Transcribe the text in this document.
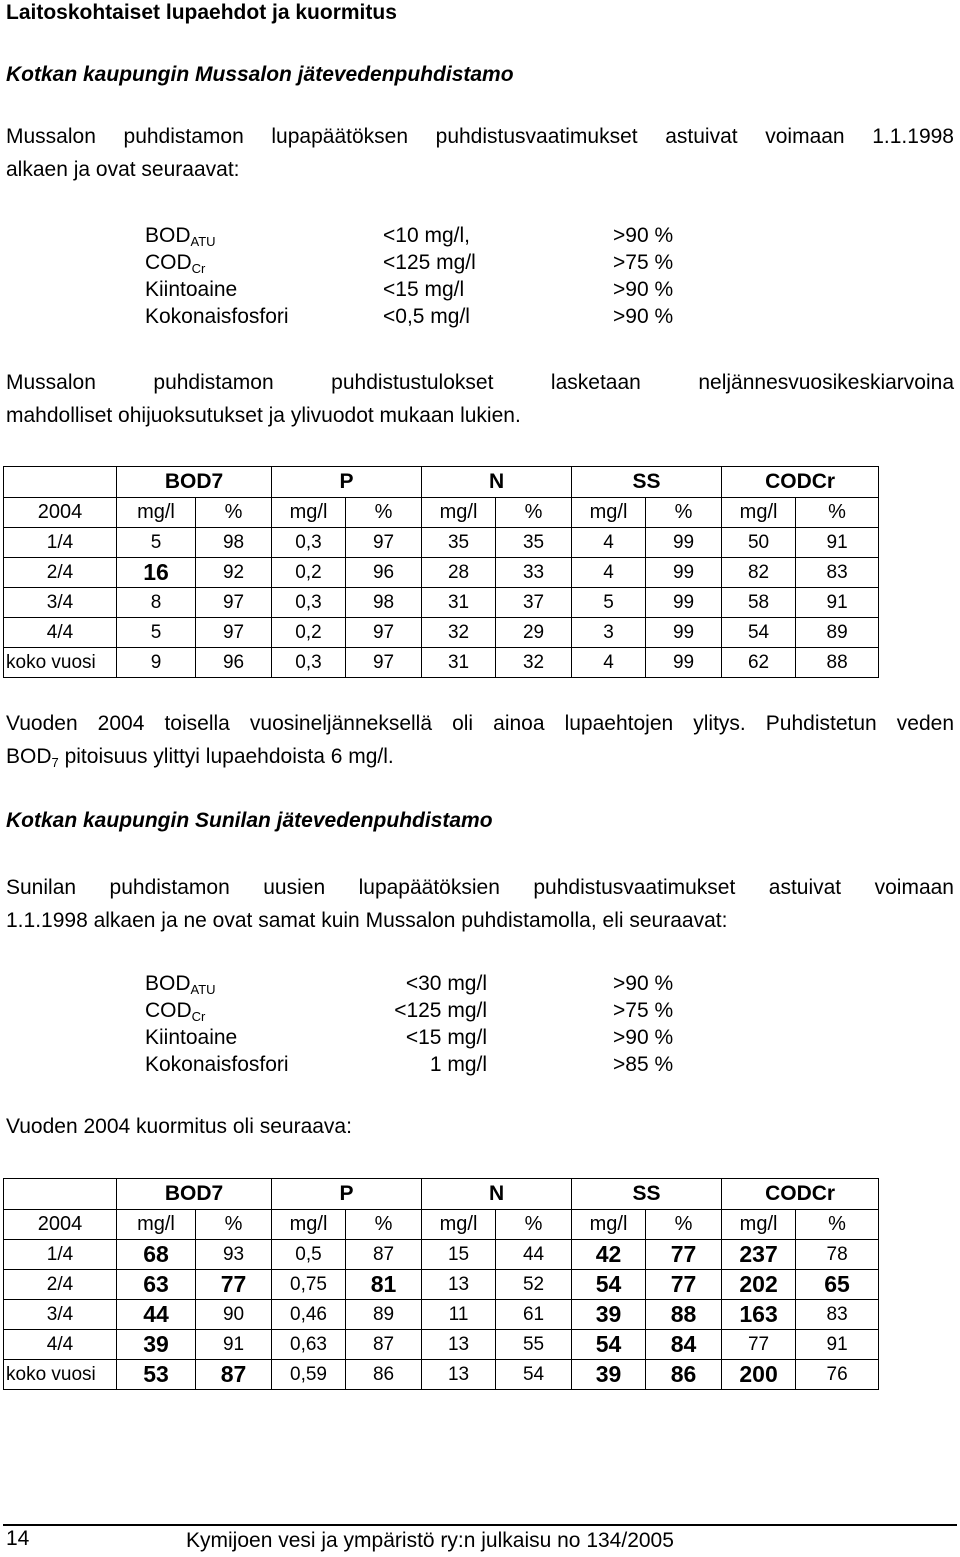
Laitoskohtaiset lupaehdot ja kuormitus
Kotkan kaupungin Mussalon jätevedenpuhdistamo
Mussalon puhdistamon lupapäätöksen puhdistusvaatimukset astuivat voimaan 1.1.1998
alkaen ja ovat seuraavat:
$BOD_{ATU}$	<10 mg/l,	>90 %
$COD_{Cr}$	<125 mg/l	>75 %
Kiintoaine	<15 mg/l	>90 %
Kokonaisfosfori	<0,5 mg/l	>90 %
Mussalon puhdistamon puhdistustulokset lasketaan neljännesvuosikeskiarvoina
mahdolliset ohijuoksutukset ja ylivuodot mukaan lukien.
	BOD7		P		N		SS		CODCr	
2004	mg/l	%	mg/l	%	mg/l	%	mg/l	%	mg/l	%
1/4	5	98	0,3	97	35	35	4	99	50	91
2/4	16	92	0,2	96	28	33	4	99	82	83
3/4	8	97	0,3	98	31	37	5	99	58	91
4/4	5	97	0,2	97	32	29	3	99	54	89
koko vuosi	9	96	0,3	97	31	32	4	99	62	88
Vuoden 2004 toisella vuosineljänneksellä oli ainoa lupaehtojen ylitys. Puhdistetun veden
$BOD_7$ pitoisuus ylittyi lupaehdoista 6 mg/l.
Kotkan kaupungin Sunilan jätevedenpuhdistamo
Sunilan puhdistamon uusien lupapäätöksien puhdistusvaatimukset astuivat voimaan
1.1.1998 alkaen ja ne ovat samat kuin Mussalon puhdistamolla, eli seuraavat:
$BOD_{ATU}$	<30 mg/l	>90 %
$COD_{Cr}$	<125 mg/l	>75 %
Kiintoaine	<15 mg/l	>90 %
Kokonaisfosfori	1 mg/l	>85 %
Vuoden 2004 kuormitus oli seuraava:
	BOD7		P		N		SS		CODCr	
2004	mg/l	%	mg/l	%	mg/l	%	mg/l	%	mg/l	%
1/4	68	93	0,5	87	15	44	42	77	237	78
2/4	63	77	0,75	81	13	52	54	77	202	65
3/4	44	90	0,46	89	11	61	39	88	163	83
4/4	39	91	0,63	87	13	55	54	84	77	91
koko vuosi	53	87	0,59	86	13	54	39	86	200	76
14	Kymijoen vesi ja ympäristö ry:n julkaisu no 134/2005
